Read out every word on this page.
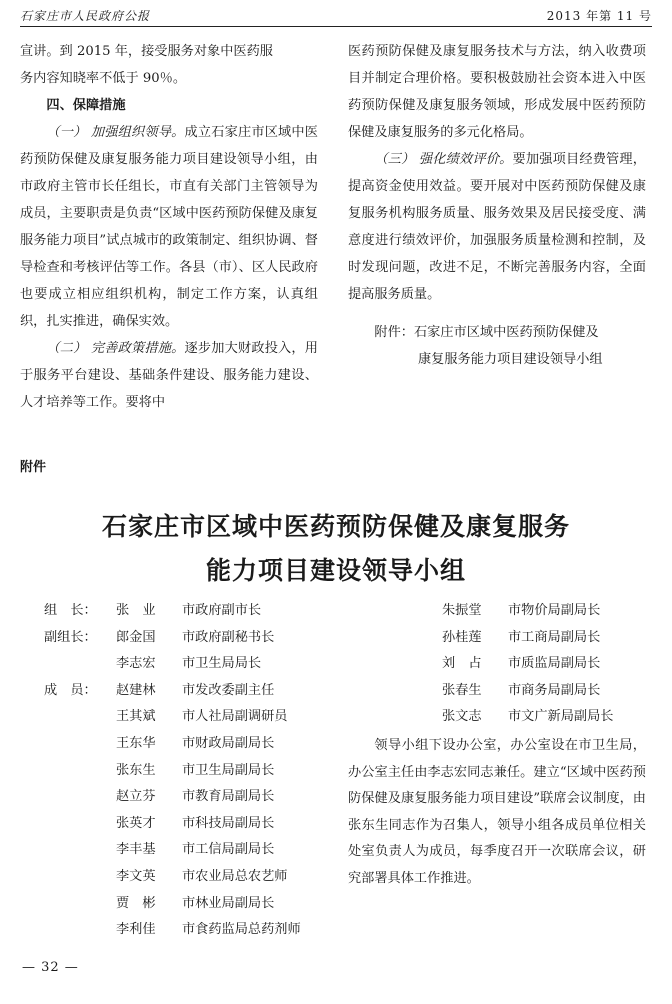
石家庄市人民政府公报	2013 年第 11 号

宣讲。到 2015 年，接受服务对象中医药服

务内容知晓率不低于 90％。

四、保障措施

（一） 加强组织领导。成立石家庄市区域中医药预防保健及康复服务能力项目建设领导小组，由市政府主管市长任组长，市直有关部门主管领导为成员，主要职责是负责“区域中医药预防保健及康复服务能力项目”试点城市的政策制定、组织协调、督导检查和考核评估等工作。各县（市）、区人民政府也要成立相应组织机构，制定工作方案，认真组织，扎实推进，确保实效。

（二） 完善政策措施。逐步加大财政投入，用于服务平台建设、基础条件建设、服务能力建设、人才培养等工作。要将中

医药预防保健及康复服务技术与方法，纳入收费项目并制定合理价格。要积极鼓励社会资本进入中医药预防保健及康复服务领域，形成发展中医药预防保健及康复服务的多元化格局。

（三） 强化绩效评价。要加强项目经费管理，提高资金使用效益。要开展对中医药预防保健及康复服务机构服务质量、服务效果及居民接受度、满意度进行绩效评价，加强服务质量检测和控制，及时发现问题，改进不足，不断完善服务内容，全面提高服务质量。

附件：石家庄市区域中医药预防保健及

康复服务能力项目建设领导小组

附件
石家庄市区域中医药预防保健及康复服务
能力项目建设领导小组
组　长：	张　业	市政府副市长
副组长：	郎金国	市政府副秘书长
李志宏	市卫生局局长
成　员：	赵建林	市发改委副主任
王其斌	市人社局副调研员
王东华	市财政局副局长
张东生	市卫生局副局长
赵立芬	市教育局副局长
张英才	市科技局副局长
李丰基	市工信局副局长
李文英	市农业局总农艺师
贾　彬	市林业局副局长
李利佳	市食药监局总药剂师
朱振堂	市物价局副局长
孙桂莲	市工商局副局长
刘　占	市质监局副局长
张春生	市商务局副局长
张文志	市文广新局副局长

领导小组下设办公室，办公室设在市卫生局，办公室主任由李志宏同志兼任。建立“区域中医药预防保健及康复服务能力项目建设”联席会议制度，由张东生同志作为召集人，领导小组各成员单位相关处室负责人为成员，每季度召开一次联席会议，研究部署具体工作推进。

— 32 —
